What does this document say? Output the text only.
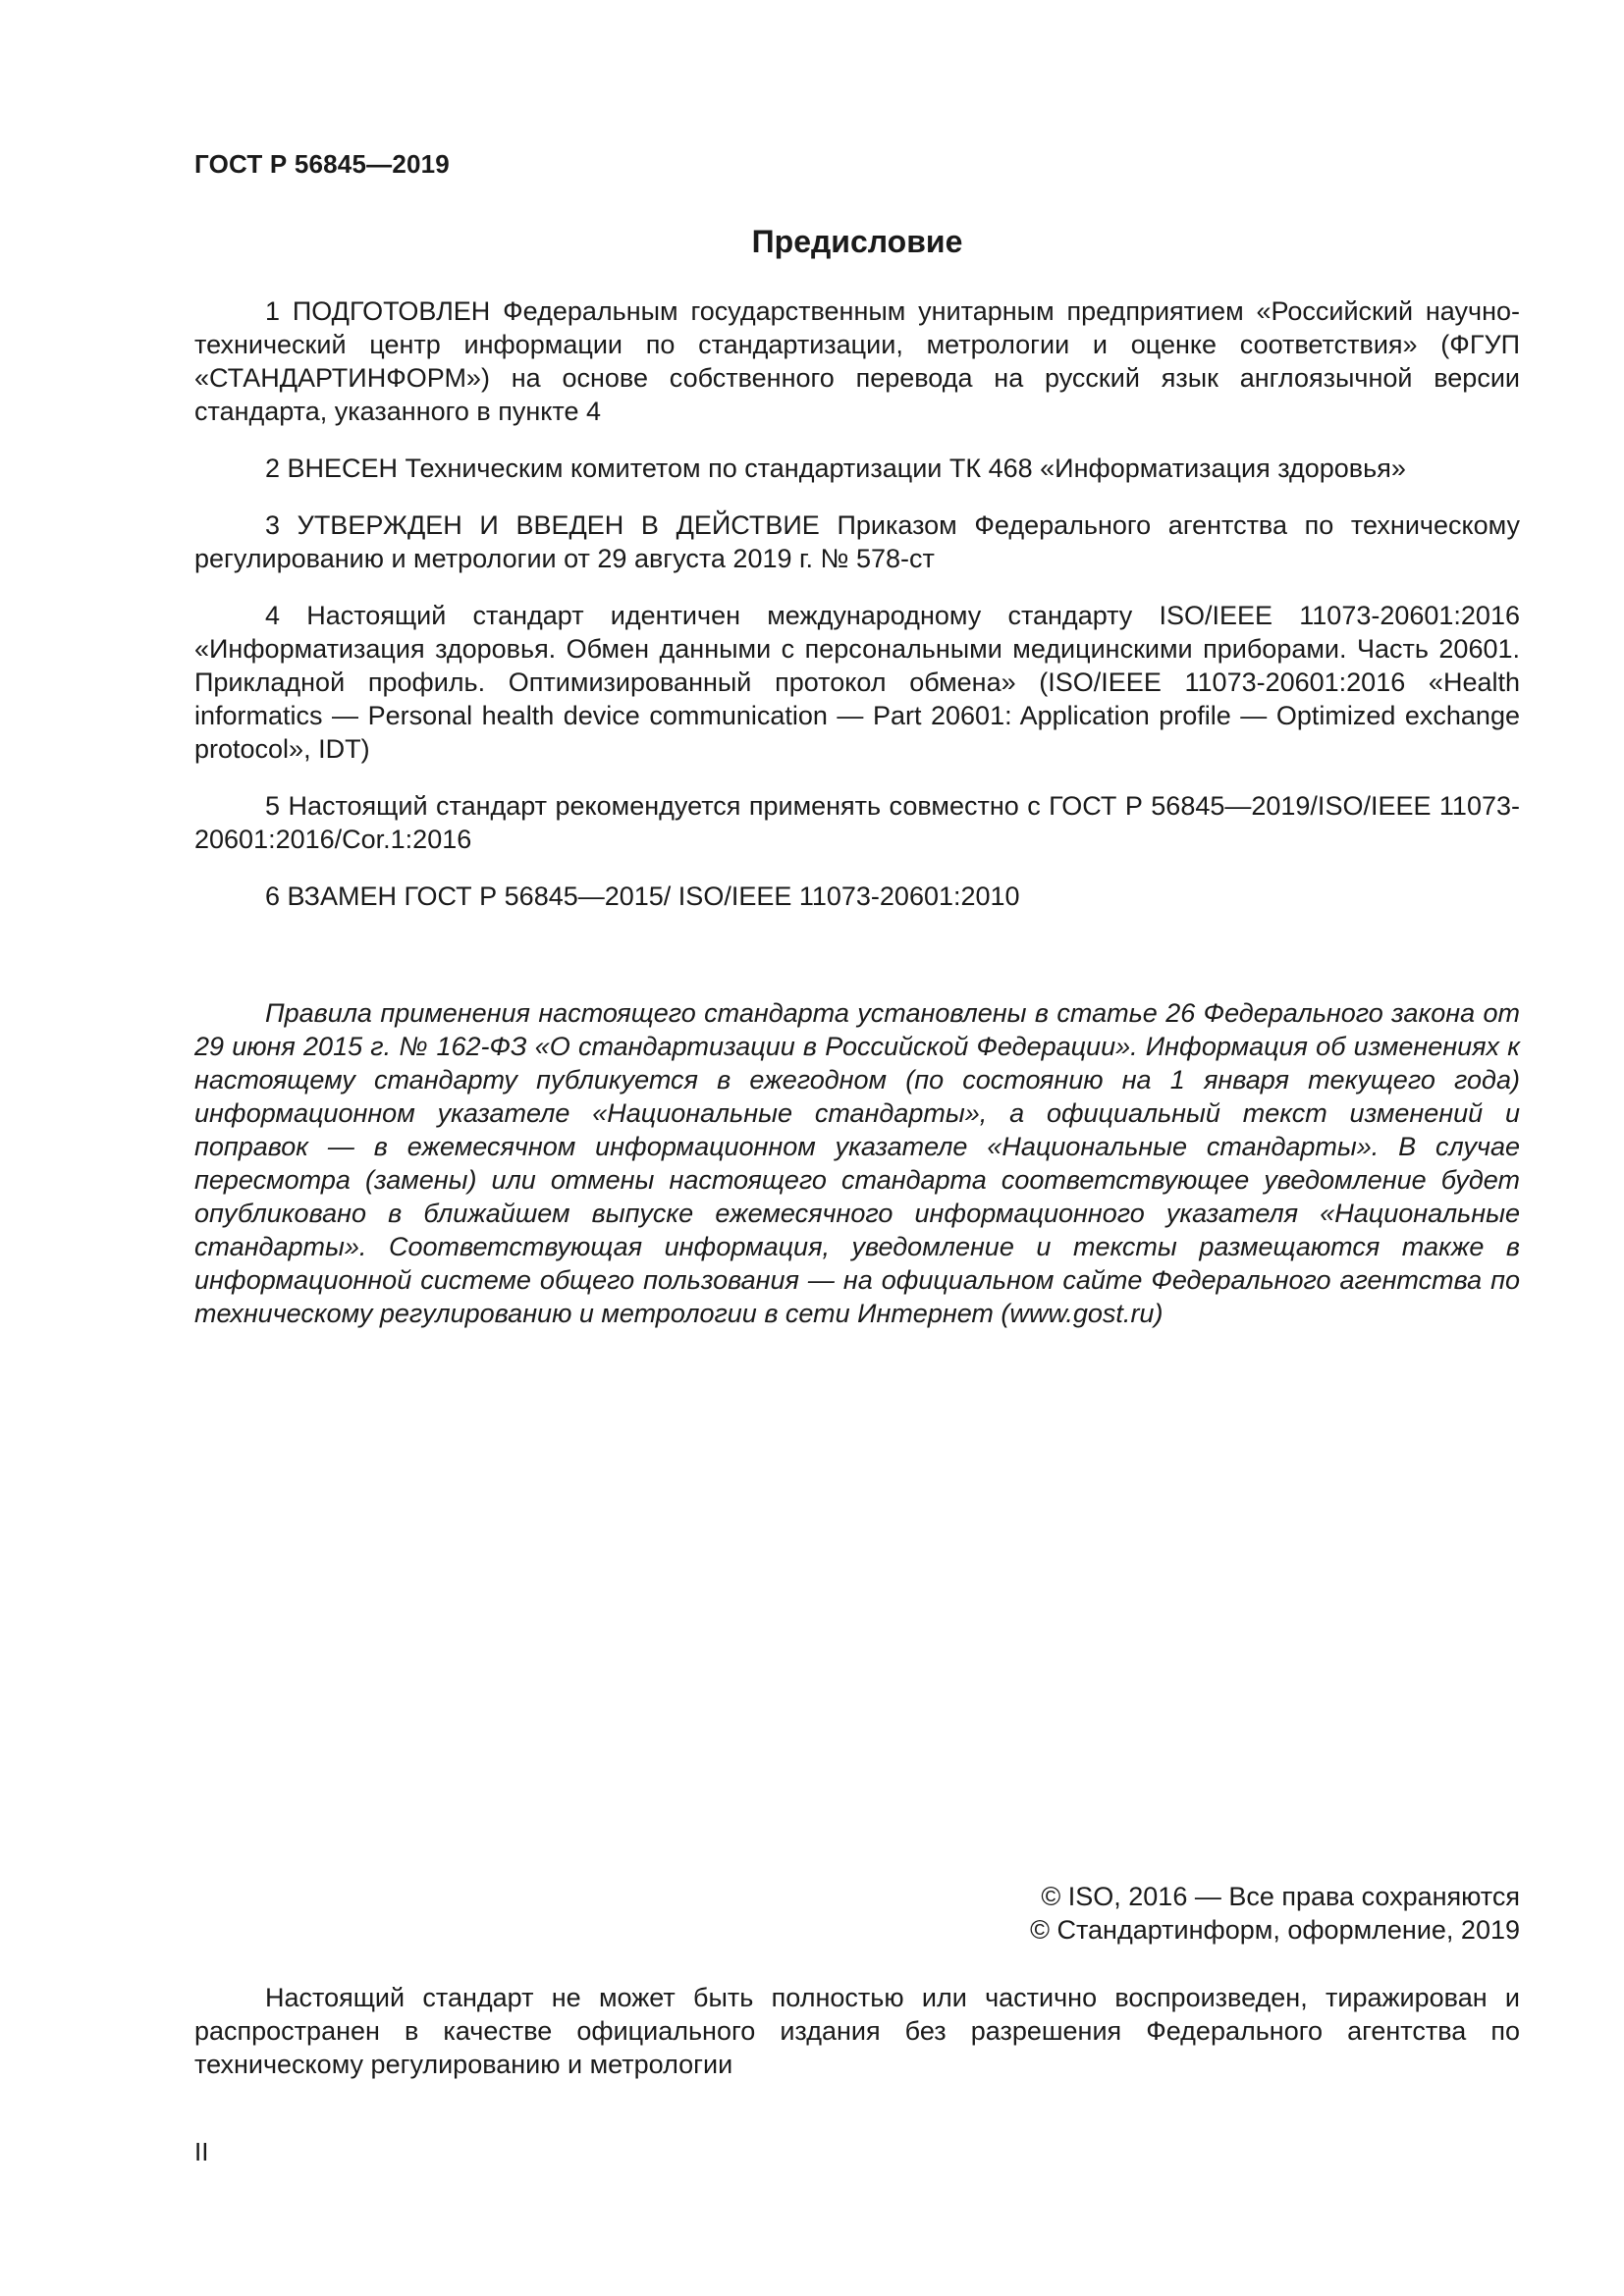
ГОСТ Р 56845—2019
Предисловие

1 ПОДГОТОВЛЕН Федеральным государственным унитарным предприятием «Российский научно-технический центр информации по стандартизации, метрологии и оценке соответствия» (ФГУП «СТАНДАРТИНФОРМ») на основе собственного перевода на русский язык англоязычной версии стандарта, указанного в пункте 4

2 ВНЕСЕН Техническим комитетом по стандартизации ТК 468 «Информатизация здоровья»

3 УТВЕРЖДЕН И ВВЕДЕН В ДЕЙСТВИЕ Приказом Федерального агентства по техническому регулированию и метрологии от 29 августа 2019 г. № 578-ст

4 Настоящий стандарт идентичен международному стандарту ISO/IEEE 11073-20601:2016 «Информатизация здоровья. Обмен данными с персональными медицинскими приборами. Часть 20601. Прикладной профиль. Оптимизированный протокол обмена» (ISO/IEEE 11073-20601:2016 «Health informatics — Personal health device communication — Part 20601: Application profile — Optimized exchange protocol», IDT)

5 Настоящий стандарт рекомендуется применять совместно с ГОСТ Р 56845—2019/ISO/IEEE 11073-20601:2016/Cor.1:2016

6 ВЗАМЕН ГОСТ Р 56845—2015/ ISO/IEEE 11073-20601:2010

Правила применения настоящего стандарта установлены в статье 26 Федерального закона от 29 июня 2015 г. № 162-ФЗ «О стандартизации в Российской Федерации». Информация об изменениях к настоящему стандарту публикуется в ежегодном (по состоянию на 1 января текущего года) информационном указателе «Национальные стандарты», а официальный текст изменений и поправок — в ежемесячном информационном указателе «Национальные стандарты». В случае пересмотра (замены) или отмены настоящего стандарта соответствующее уведомление будет опубликовано в ближайшем выпуске ежемесячного информационного указателя «Национальные стандарты». Соответствующая информация, уведомление и тексты размещаются также в информационной системе общего пользования — на официальном сайте Федерального агентства по техническому регулированию и метрологии в сети Интернет (www.gost.ru)
© ISO, 2016 — Все права сохраняются
© Стандартинформ, оформление, 2019
Настоящий стандарт не может быть полностью или частично воспроизведен, тиражирован и распространен в качестве официального издания без разрешения Федерального агентства по техническому регулированию и метрологии
II
